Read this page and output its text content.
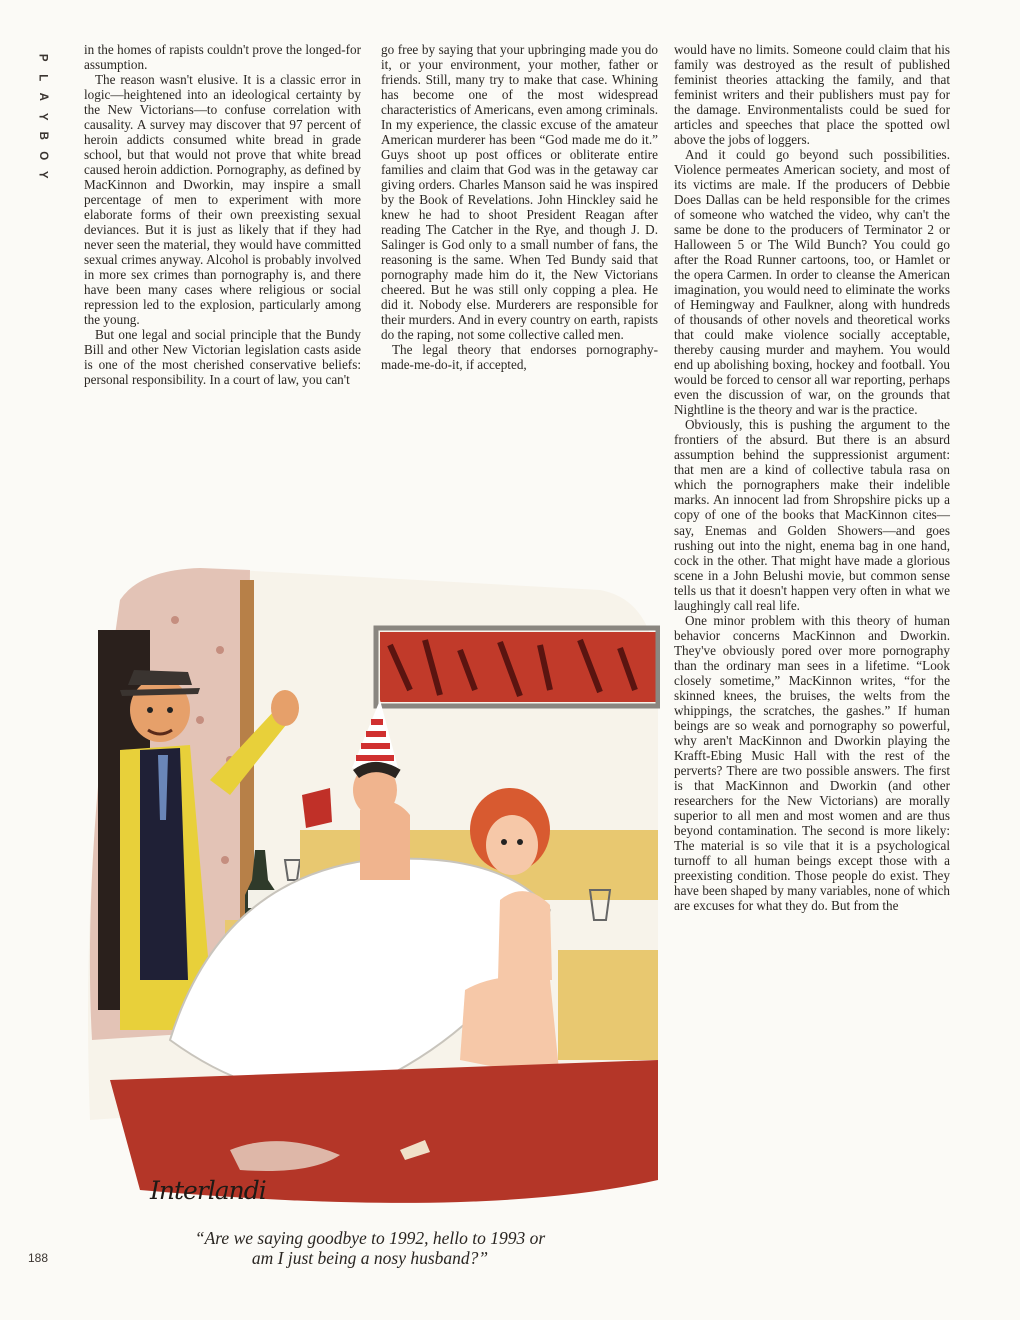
P
L
A
Y
B
O
Y

in the homes of rapists couldn't prove the longed-for assumption.

The reason wasn't elusive. It is a classic error in logic—heightened into an ideological certainty by the New Victorians—to confuse correlation with causality. A survey may discover that 97 percent of heroin addicts consumed white bread in grade school, but that would not prove that white bread caused heroin addiction. Pornography, as defined by MacKinnon and Dworkin, may inspire a small percentage of men to experiment with more elaborate forms of their own preexisting sexual deviances. But it is just as likely that if they had never seen the material, they would have committed sexual crimes anyway. Alcohol is probably involved in more sex crimes than pornography is, and there have been many cases where religious or social repression led to the explosion, particularly among the young.

But one legal and social principle that the Bundy Bill and other New Victorian legislation casts aside is one of the most cherished conservative beliefs: personal responsibility. In a court of law, you can't

go free by saying that your upbringing made you do it, or your environment, your mother, father or friends. Still, many try to make that case. Whining has become one of the most widespread characteristics of Americans, even among criminals. In my experience, the classic excuse of the amateur American murderer has been “God made me do it.” Guys shoot up post offices or obliterate entire families and claim that God was in the getaway car giving orders. Charles Manson said he was inspired by the Book of Revelations. John Hinckley said he knew he had to shoot President Reagan after reading The Catcher in the Rye, and though J. D. Salinger is God only to a small number of fans, the reasoning is the same. When Ted Bundy said that pornography made him do it, the New Victorians cheered. But he was still only copping a plea. He did it. Nobody else. Murderers are responsible for their murders. And in every country on earth, rapists do the raping, not some collective called men.

The legal theory that endorses pornography-made-me-do-it, if accepted,

would have no limits. Someone could claim that his family was destroyed as the result of published feminist theories attacking the family, and that feminist writers and their publishers must pay for the damage. Environmentalists could be sued for articles and speeches that place the spotted owl above the jobs of loggers.

And it could go beyond such possibilities. Violence permeates American society, and most of its victims are male. If the producers of Debbie Does Dallas can be held responsible for the crimes of someone who watched the video, why can't the same be done to the producers of Terminator 2 or Halloween 5 or The Wild Bunch? You could go after the Road Runner cartoons, too, or Hamlet or the opera Carmen. In order to cleanse the American imagination, you would need to eliminate the works of Hemingway and Faulkner, along with hundreds of thousands of other novels and theoretical works that could make violence socially acceptable, thereby causing murder and mayhem. You would end up abolishing boxing, hockey and football. You would be forced to censor all war reporting, perhaps even the discussion of war, on the grounds that Nightline is the theory and war is the practice.

Obviously, this is pushing the argument to the frontiers of the absurd. But there is an absurd assumption behind the suppressionist argument: that men are a kind of collective tabula rasa on which the pornographers make their indelible marks. An innocent lad from Shropshire picks up a copy of one of the books that MacKinnon cites—say, Enemas and Golden Showers—and goes rushing out into the night, enema bag in one hand, cock in the other. That might have made a glorious scene in a John Belushi movie, but common sense tells us that it doesn't happen very often in what we laughingly call real life.

One minor problem with this theory of human behavior concerns MacKinnon and Dworkin. They've obviously pored over more pornography than the ordinary man sees in a lifetime. “Look closely sometime,” MacKinnon writes, “for the skinned knees, the bruises, the welts from the whippings, the scratches, the gashes.” If human beings are so weak and pornography so powerful, why aren't MacKinnon and Dworkin playing the Krafft-Ebing Music Hall with the rest of the perverts? There are two possible answers. The first is that MacKinnon and Dworkin (and other researchers for the New Victorians) are morally superior to all men and most women and are thus beyond contamination. The second is more likely: The material is so vile that it is a psychological turnoff to all human beings except those with a preexisting condition. Those people do exist. They have been shaped by many variables, none of which are excuses for what they do. But from the

Interlandi
“Are we saying goodbye to 1992, hello to 1993 or
am I just being a nosy husband?”
188
